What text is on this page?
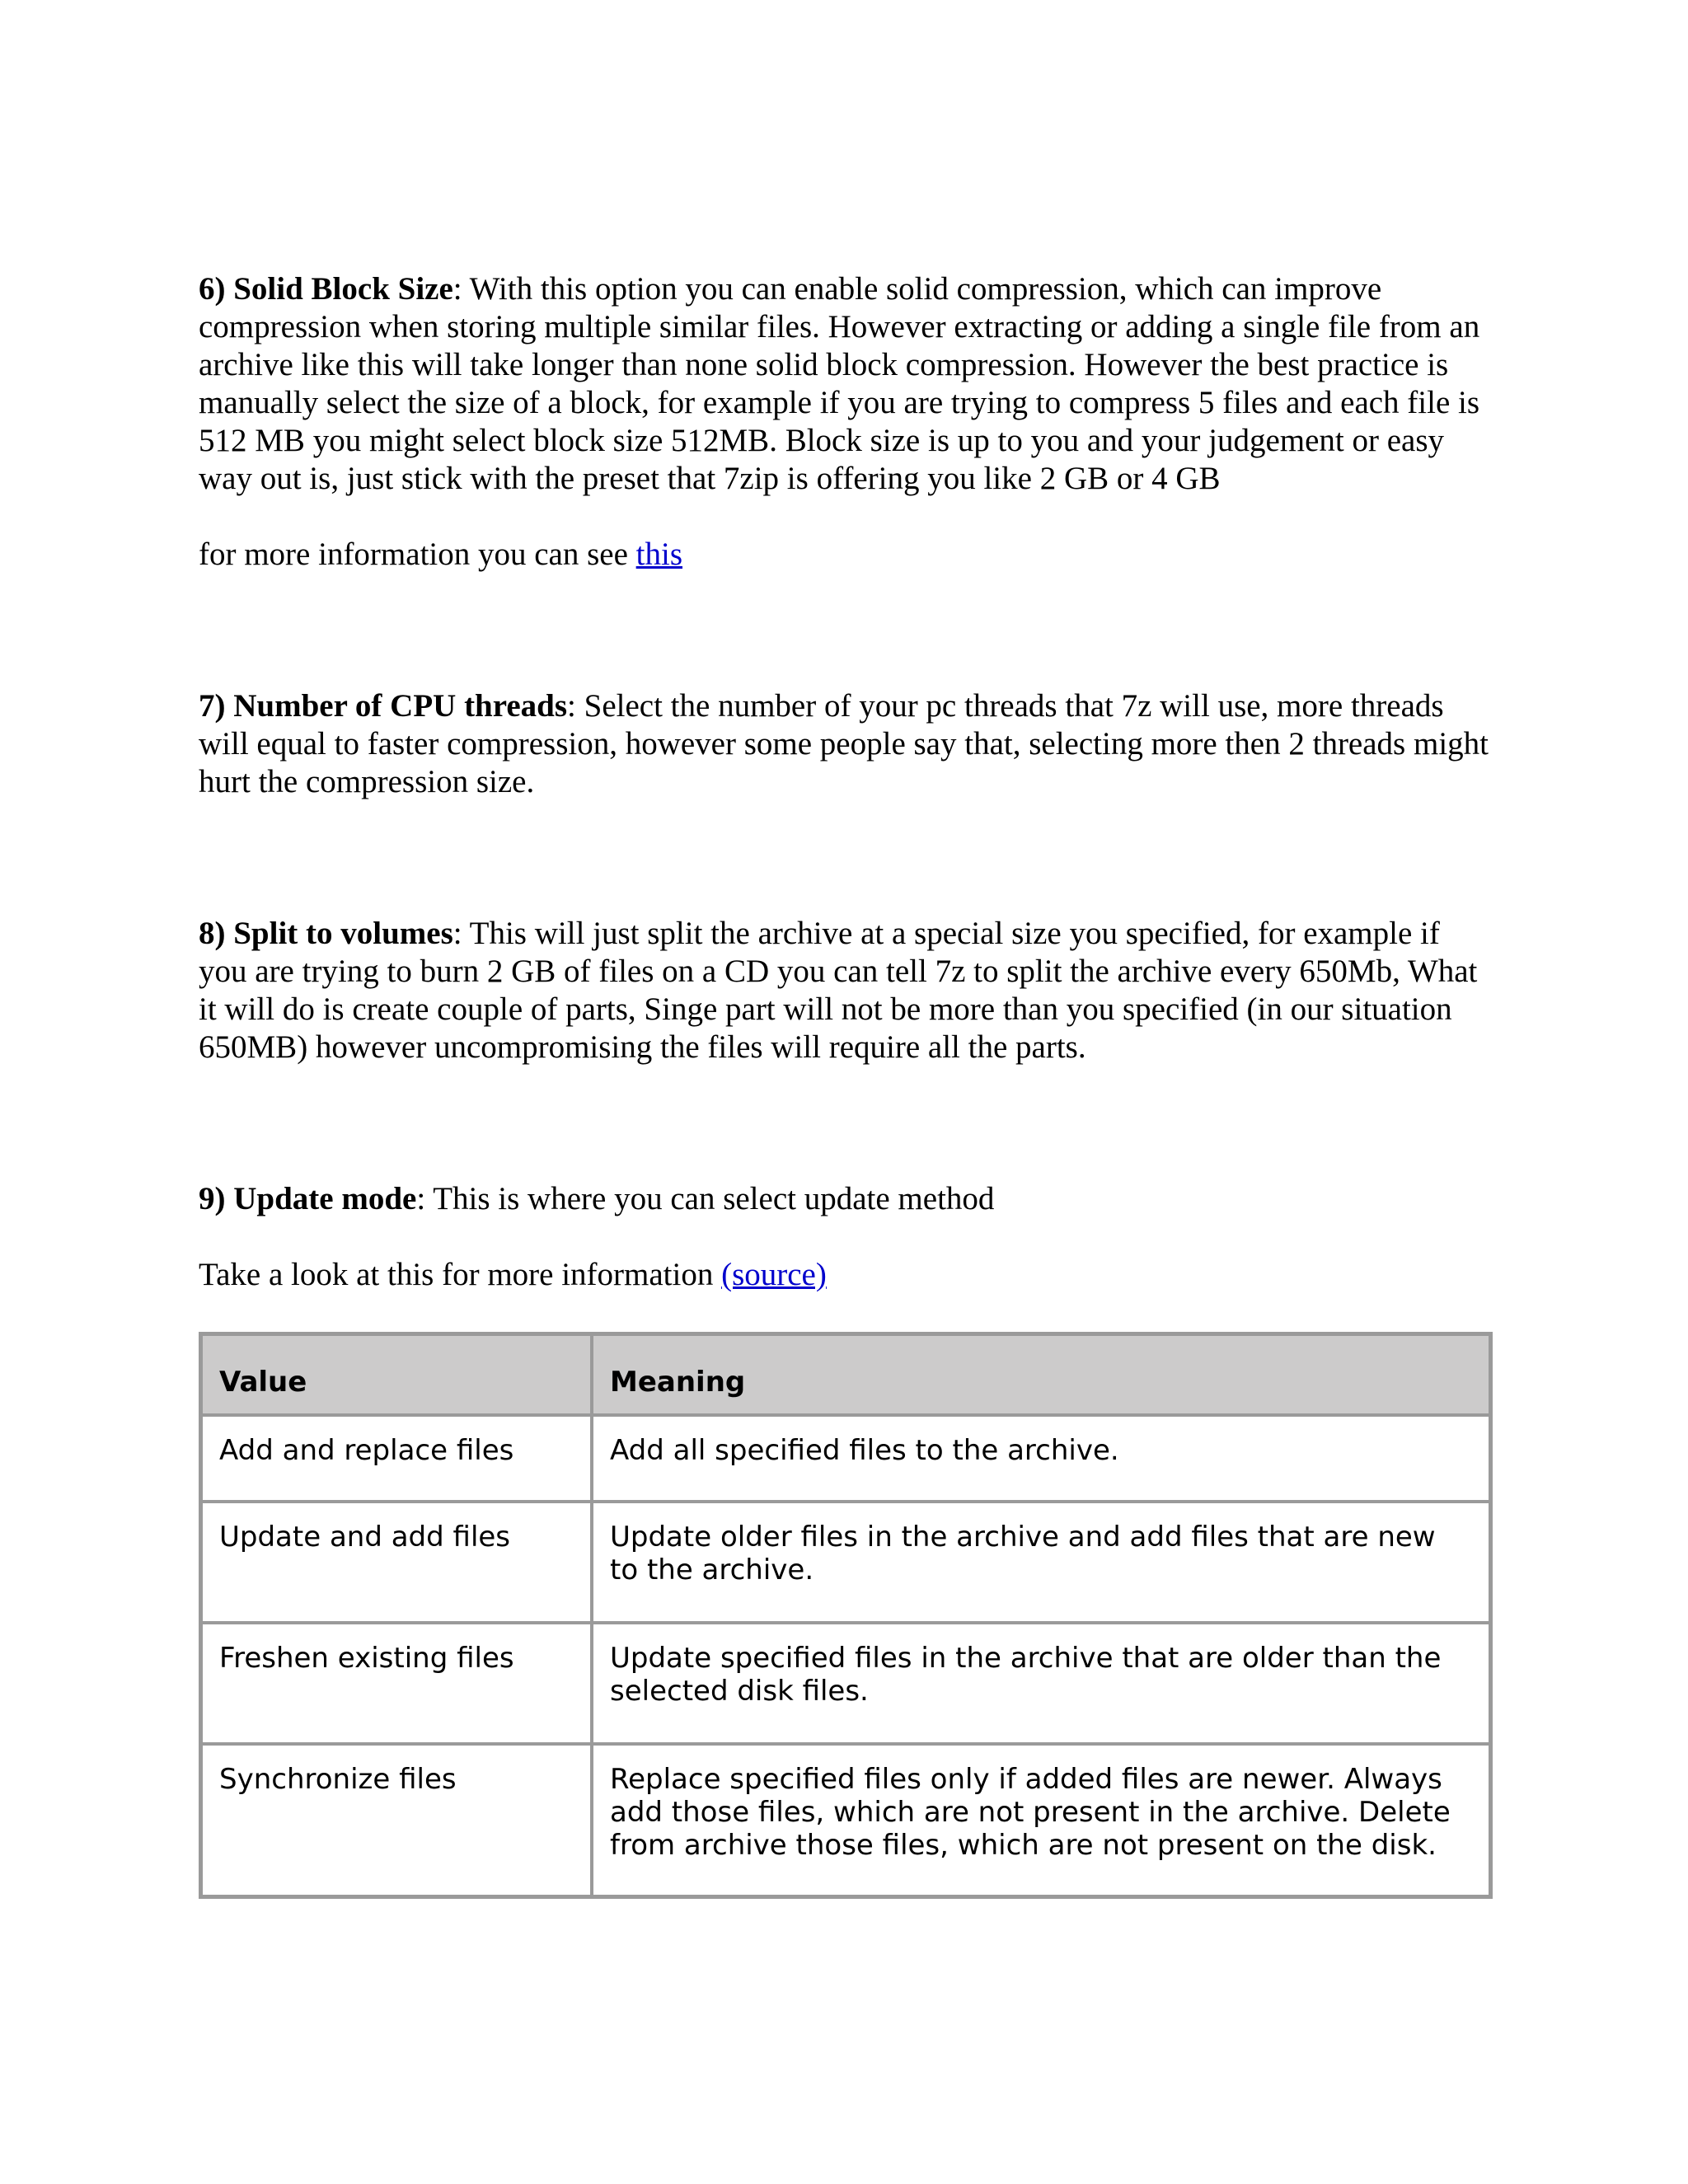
6) Solid Block Size: With this option you can enable solid compression, which can improve compression when storing multiple similar files. However extracting or adding a single file from an archive like this will take longer than none solid block compression. However the best practice is manually select the size of a block, for example if you are trying to compress 5 files and each file is 512 MB you might select block size 512MB. Block size is up to you and your judgement or easy way out is, just stick with the preset that 7zip is offering you like 2 GB or 4 GB

for more information you can see this

7) Number of CPU threads: Select the number of your pc threads that 7z will use, more threads will equal to faster compression, however some people say that, selecting more then 2 threads might hurt the compression size.

8) Split to volumes: This will just split the archive at a special size you specified, for example if you are trying to burn 2 GB of files on a CD you can tell 7z to split the archive every 650Mb, What it will do is create couple of parts, Singe part will not be more than you specified (in our situation 650MB) however uncompromising the files will require all the parts.

9) Update mode: This is where you can select update method

Take a look at this for more information (source)

Value	Meaning
Add and replace files	Add all specified files to the archive.
Update and add files	Update older files in the archive and add files that are new to the archive.
Freshen existing files	Update specified files in the archive that are older than the selected disk files.
Synchronize files	Replace specified files only if added files are newer. Always add those files, which are not present in the archive. Delete from archive those files, which are not present on the disk.
